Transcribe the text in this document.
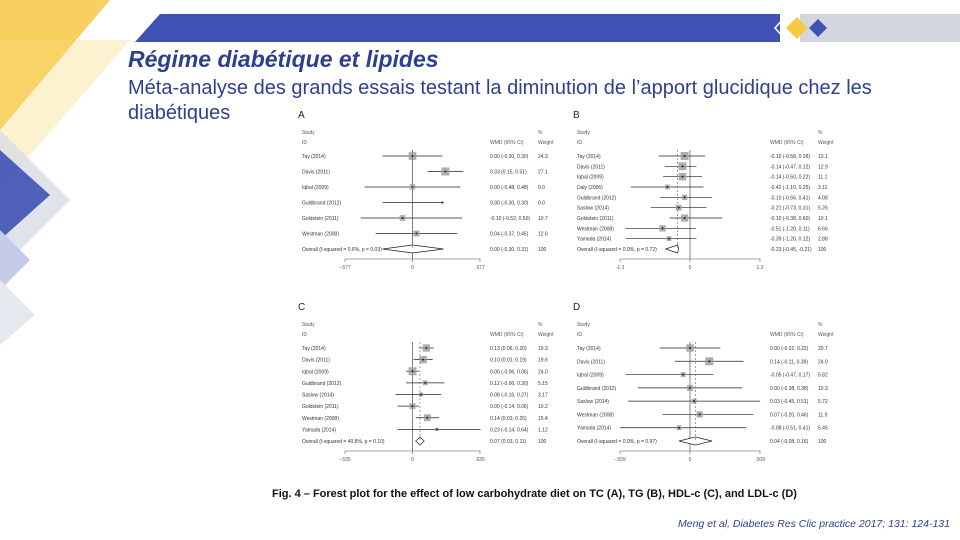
Régime diabétique et lipides
Méta-analyse des grands essais testant la diminution de l’apport glucidique chez les diabétiques	A
Study
ID	WMD (95% CI)
%
Weight
-.677	0	.677
Tay (2014)	0.00 (-0.30, 0.30) 24.3
Davis (2011)	0.33 (0.15, 0.51) 27.1
Iqbal (2009)	0.00 (-0.48, 0.48) 9.0
Guldbrand (2012)	0.30 (-0.30, 0.30) 0.0
Goldstein (2011)	-0.10 (-0.52, 0.50) 10.7
Westman (2008)	0.04 (-0.37, 0.45) 12.6
Overall (I-squared = 0.6%, p = 0.03)	0.00 (-0.30, 0.31) 100
B
Study
ID	WMD (95% CI)
%
Weight
-1.3	0	1.3
Tay (2014)	-0.10 (-0.58, 0.28) 13.1
Davis (2011)	-0.14 (-0.47, 0.12) 12.9
Iqbal (2009)	-0.14 (-0.50, 0.22) 11.1
Daly (2006)	-0.42 (-1.10, 0.25) 3.11
Guldbrand (2012)	-0.10 (-0.56, 0.41) 4.08
Saslow (2014)	-0.21 (-0.73, 0.31) 5.26
Goldstein (2011)	-0.10 (-0.38, 0.60) 10.1
Westman (2008)	-0.51 (-1.20, 0.11) 6.66
Yamada (2014)	-0.39 (-1.20, 0.12) 2.88
Overall (I-squared = 0.0%, p = 0.72)	-0.23 (-0.45, -0.21) 100
C
Study
ID	WMD (95% CI)
%
Weight
-.635	0	.635
Tay (2014)	0.13 (0.06, 0.20) 19.3
Davis (2011)	0.10 (0.01, 0.19) 19.6
Iqbal (2009)	0.00 (-0.06, 0.06) 24.0
Guldbrand (2012)	0.12 (-0.06, 0.30) 5.15
Saslow (2014)	0.08 (-0.16, 0.27) 3.17
Goldstein (2011)	0.00 (-0.14, 0.06) 10.2
Westman (2008)	0.14 (0.03, 0.25) 15.4
Yamada (2014)	0.23 (-0.14, 0.64) 1.12
Overall (I-squared = 40.8%, p = 0.10)	0.07 (0.03, 0.11) 100
D
Study
ID	WMD (95% CI)
%
Weight
-.509	0	.509
Tay (2014)	0.00 (-0.22, 0.22) 20.7
Davis (2011)	0.14 (-0.11, 0.39) 24.9
Iqbal (2009)	-0.05 (-0.47, 0.17) 5.82
Guldbrand (2012)	0.00 (-0.38, 0.38) 10.3
Saslow (2014)	0.03 (-0.45, 0.51) 5.72
Westman (2008)	0.07 (-0.20, 0.46) 11.9
Yamada (2014)	-0.08 (-0.51, 0.41) 5.45
Overall (I-squared = 0.0%, p = 0.97)	0.04 (-0.08, 0.16) 100
Fig. 4 – Forest plot for the effect of low carbohydrate diet on TC (A), TG (B), HDL-c (C), and LDL-c (D)
Meng et al, Diabetes Res Clic practice 2017; 131: 124-131
